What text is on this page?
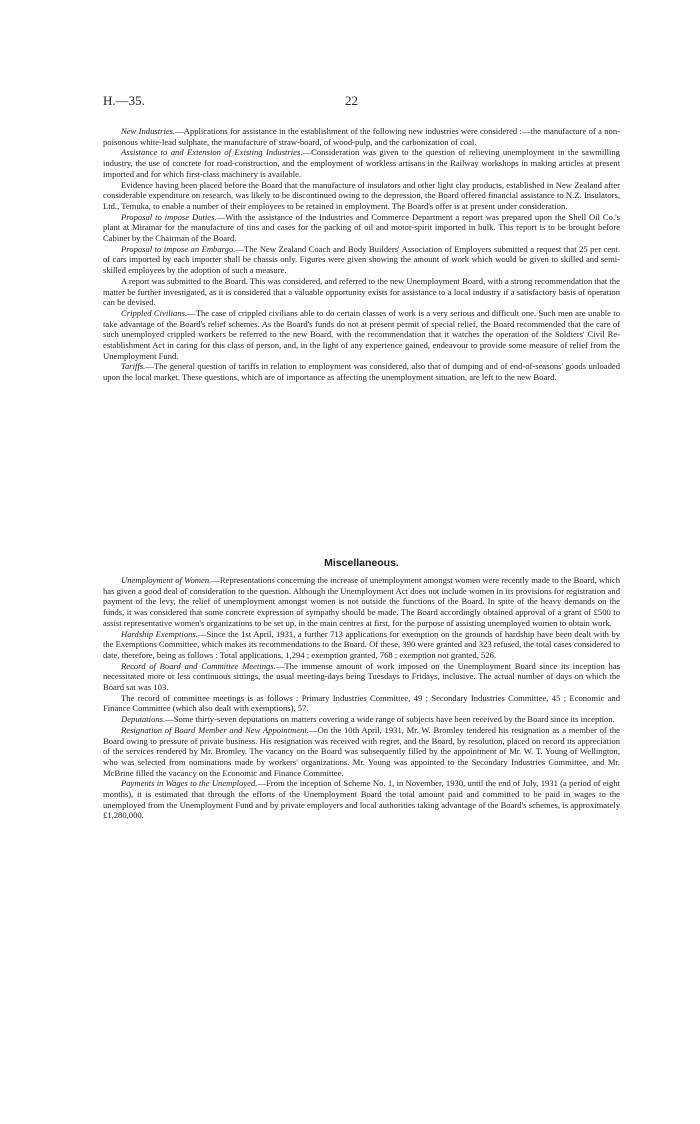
H.—35.	22

New Industries.—Applications for assistance in the establishment of the following new industries were considered :—the manufacture of a non-poisonous white-lead sulphate, the manufacture of straw-board, of wood-pulp, and the carbonization of coal.

Assistance to and Extension of Existing Industries.—Consideration was given to the question of relieving unemployment in the sawmilling industry, the use of concrete for road-construction, and the employment of workless artisans in the Railway workshops in making articles at present imported and for which first-class machinery is available.

Evidence having been placed before the Board that the manufacture of insulators and other light clay products, established in New Zealand after considerable expenditure on research, was likely to be discontinued owing to the depression, the Board offered financial assistance to N.Z. Insulators, Ltd., Temuka, to enable a number of their employees to be retained in employment. The Board's offer is at present under consideration.

Proposal to impose Duties.—With the assistance of the Industries and Commerce Department a report was prepared upon the Shell Oil Co.'s plant at Miramar for the manufacture of tins and cases for the packing of oil and motor-spirit imported in bulk. This report is to be brought before Cabinet by the Chairman of the Board.

Proposal to impose an Embargo.—The New Zealand Coach and Body Builders' Association of Employers submitted a request that 25 per cent. of cars imported by each importer shall be chassis only. Figures were given showing the amount of work which would be given to skilled and semi-skilled employees by the adoption of such a measure.

A report was submitted to the Board. This was considered, and referred to the new Unemployment Board, with a strong recommendation that the matter be further investigated, as it is considered that a valuable opportunity exists for assistance to a local industry if a satisfactory basis of operation can be devised.

Crippled Civilians.—The case of crippled civilians able to do certain classes of work is a very serious and difficult one. Such men are unable to take advantage of the Board's relief schemes. As the Board's funds do not at present permit of special relief, the Board recommended that the care of such unemployed crippled workers be referred to the new Board, with the recommendation that it watches the operation of the Soldiers' Civil Re-establishment Act in caring for this class of person, and, in the light of any experience gained, endeavour to provide some measure of relief from the Unemployment Fund.

Tariffs.—The general question of tariffs in relation to employment was considered, also that of dumping and of end-of-seasons' goods unloaded upon the local market. These questions, which are of importance as affecting the unemployment situation, are left to the new Board.

Miscellaneous.

Unemployment of Women.—Representations concerning the increase of unemployment amongst women were recently made to the Board, which has given a good deal of consideration to the question. Although the Unemployment Act does not include women in its provisions for registration and payment of the levy, the relief of unemployment amongst women is not outside the functions of the Board. In spite of the heavy demands on the funds, it was considered that some concrete expression of sympathy should be made. The Board accordingly obtained approval of a grant of £500 to assist representative women's organizations to be set up, in the main centres at first, for the purpose of assisting unemployed women to obtain work.

Hardship Exemptions.—Since the 1st April, 1931, a further 713 applications for exemption on the grounds of hardship have been dealt with by the Exemptions Committee, which makes its recommendations to the Board. Of these, 390 were granted and 323 refused, the total cases considered to date, therefore, being as follows : Total applications, 1,294 ; exemption granted, 768 ; exemption not granted, 526.

Record of Board and Committee Meetings.—The immense amount of work imposed on the Unemployment Board since its inception has necessitated more or less continuous sittings, the usual meeting-days being Tuesdays to Fridays, inclusive. The actual number of days on which the Board sat was 103.

The record of committee meetings is as follows : Primary Industries Committee, 49 ; Secondary Industries Committee, 45 ; Economic and Finance Committee (which also dealt with exemptions), 57.

Deputations.—Some thirty-seven deputations on matters covering a wide range of subjects have been received by the Board since its inception.

Resignation of Board Member and New Appointment.—On the 10th April, 1931, Mr. W. Bromley tendered his resignation as a member of the Board owing to pressure of private business. His resignation was received with regret, and the Board, by resolution, placed on record its appreciation of the services rendered by Mr. Bromley. The vacancy on the Board was subsequently filled by the appointment of Mr. W. T. Young of Wellington, who was selected from nominations made by workers' organizations. Mr. Young was appointed to the Secondary Industries Committee, and Mr. McBrine filled the vacancy on the Economic and Finance Committee.

Payments in Wages to the Unemployed.—From the inception of Scheme No. 1, in November, 1930, until the end of July, 1931 (a period of eight months), it is estimated that through the efforts of the Unemployment Board the total amount paid and committed to be paid in wages to the unemployed from the Unemployment Fund and by private employers and local authorities taking advantage of the Board's schemes, is approximately £1,280,000.
